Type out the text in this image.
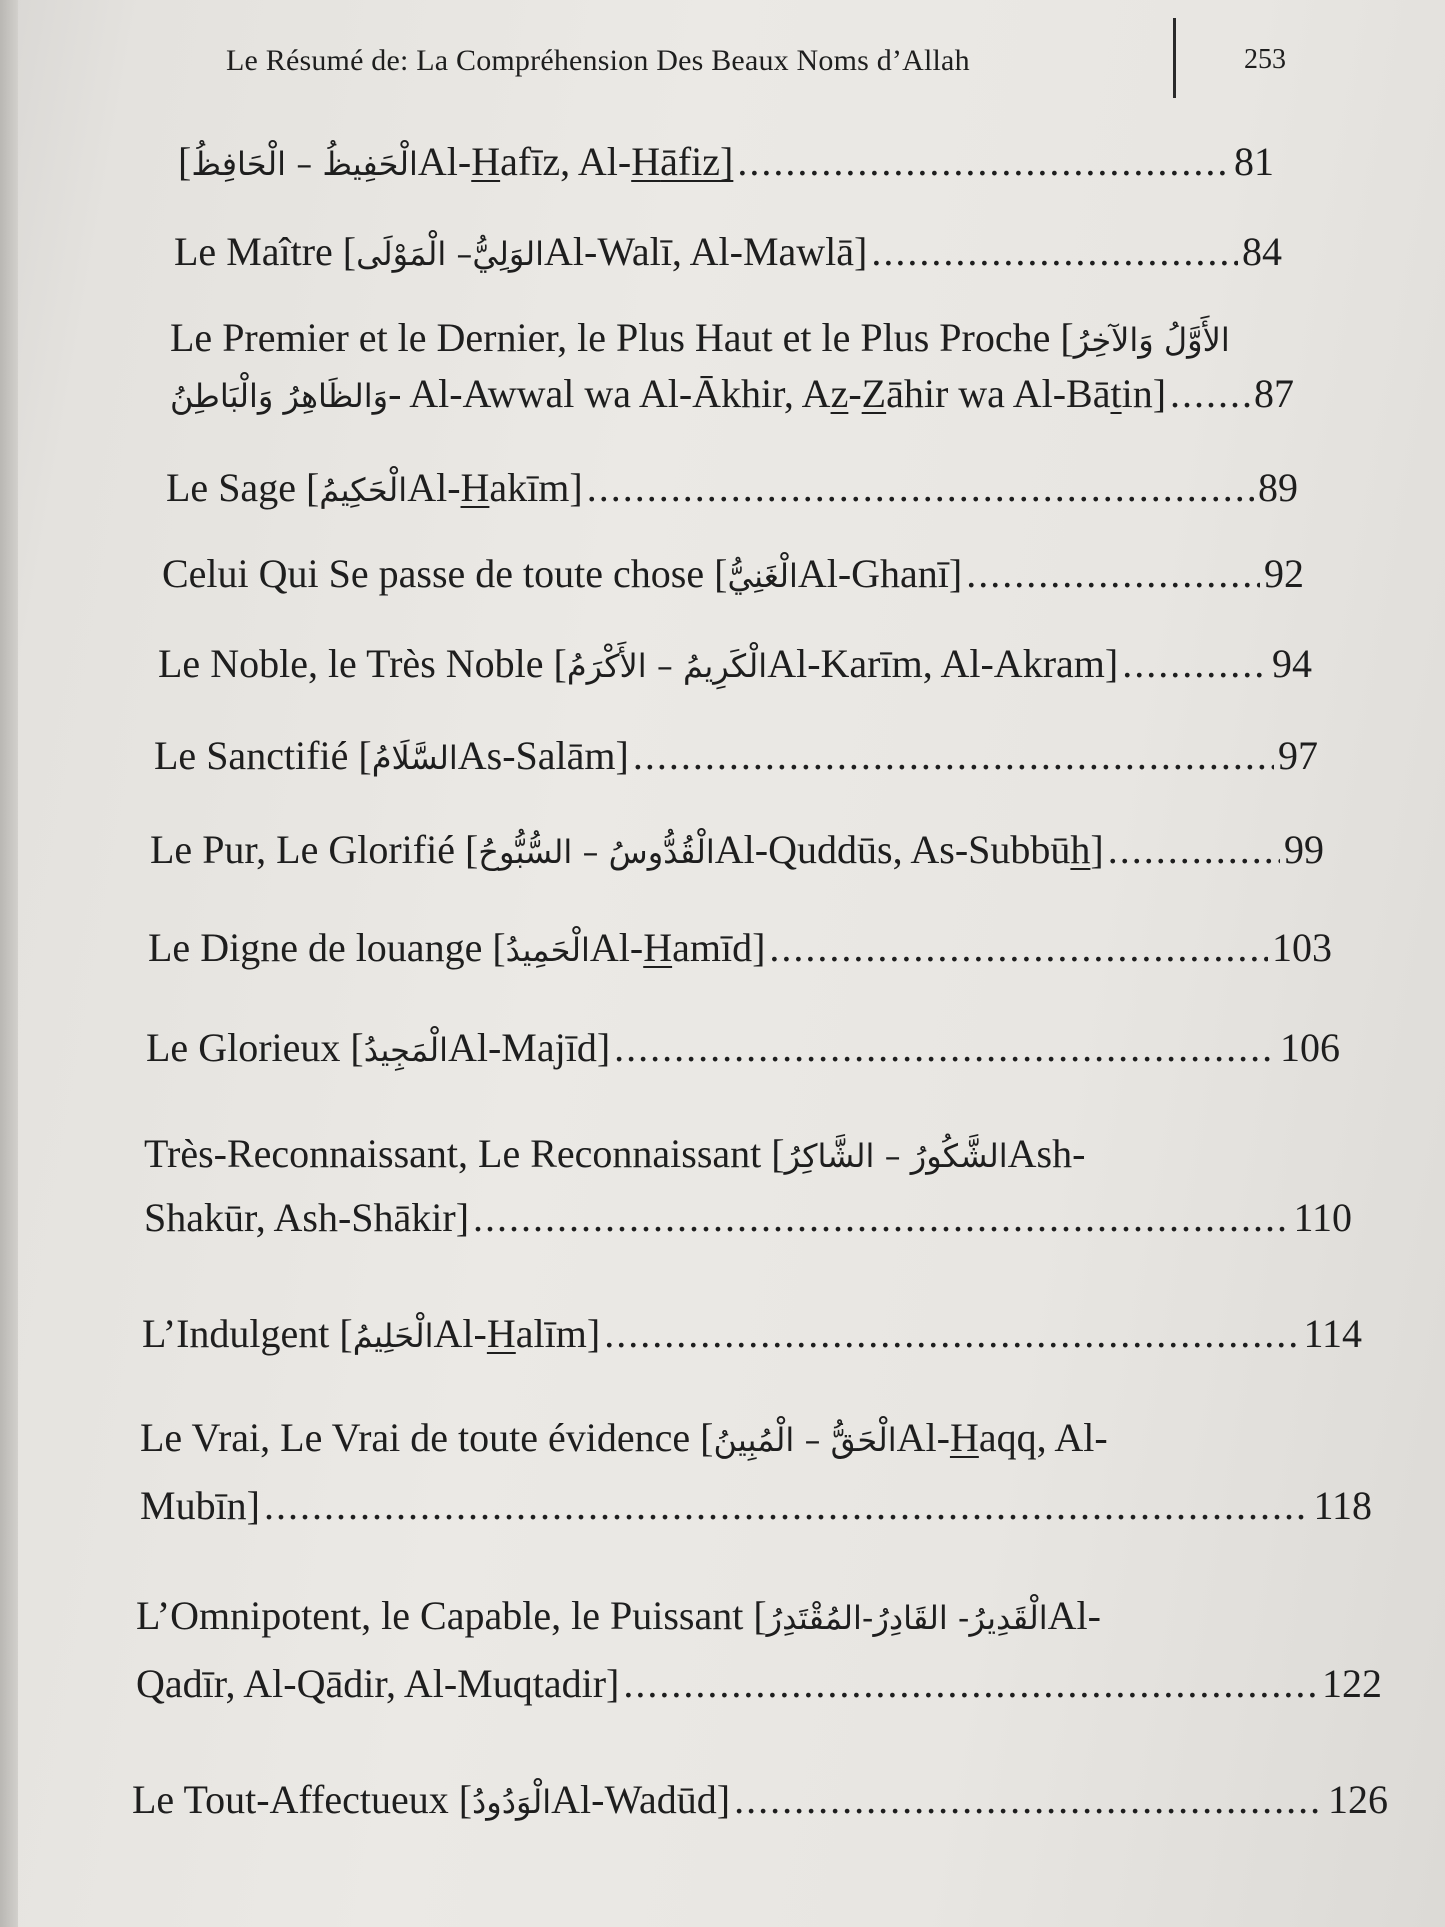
Le Résumé de: La Compréhension Des Beaux Noms d’Allah	253
[ الْحَفِيظُ – الْحَافِظُ Al-Hafīz, Al-Hāfiz] .....	81
Le Maître [ الوَلِيُّ– الْمَوْلَى Al-Walī, Al-Mawlā] .....	84
Le Premier et le Dernier, le Plus Haut et le Plus Proche [ الأَوَّلُ وَالآخِرُ
وَالظَاهِرُ وَالْبَاطِنُ - Al-Awwal wa Al-Ākhir, Az-Zāhir wa Al-Bātin] ..... 87
Le Sage [ الْحَكِيمُ Al-Hakīm] .....	89
Celui Qui Se passe de toute chose [ الْغَنِيُّ Al-Ghanī] .....	92
Le Noble, le Très Noble [ الْكَرِيمُ – الأَكْرَمُ Al-Karīm, Al-Akram] .....	94
Le Sanctifié [ السَّلَامُ As-Salām] .....	97
Le Pur, Le Glorifié [ الْقُدُّوسُ – السُّبُّوحُ Al-Quddūs, As-Subbūh] .....	99
Le Digne de louange [ الْحَمِيدُ Al-Hamīd] .....	103
Le Glorieux [ الْمَجِيدُ Al-Majīd] .....	106
Très-Reconnaissant, Le Reconnaissant [ الشَّكُورُ – الشَّاكِرُ Ash-
Shakūr, Ash-Shākir] .....	110
L’Indulgent [ الْحَلِيمُ Al-Halīm] .....	114
Le Vrai, Le Vrai de toute évidence [ الْحَقُّ – الْمُبِينُ Al-Haqq, Al-
Mubīn] .....	118
L’Omnipotent, le Capable, le Puissant [ الْقَدِيرُ- القَادِرُ-المُقْتَدِرُ Al-
Qadīr, Al-Qādir, Al-Muqtadir] .....	122
Le Tout-Affectueux [ الْوَدُودُ Al-Wadūd] .....	126
